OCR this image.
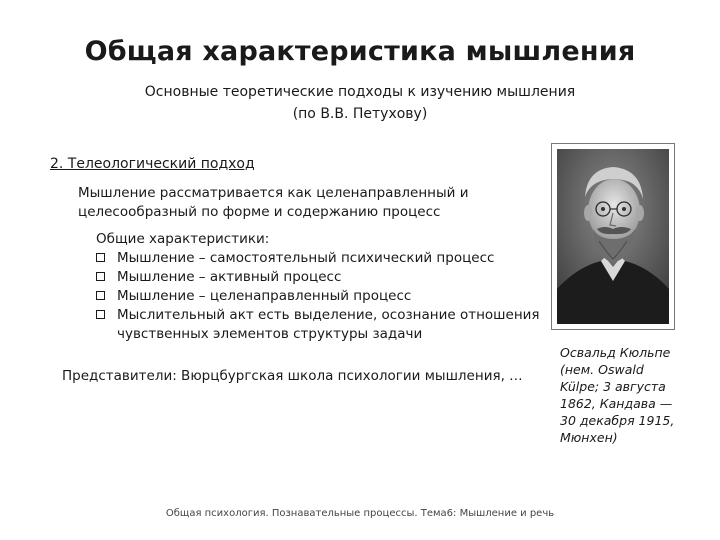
Общая характеристика мышления
Основные теоретические подходы к изучению мышления
(по В.В. Петухову)
2. Телеологический подход
Мышление рассматривается как целенаправленный и
целесообразный по форме и содержанию процесс
Общие характеристики:
Мышление – самостоятельный психический процесс
Мышление – активный процесс
Мышление – целенаправленный процесс
Мыслительный акт есть выделение, осознание отношения
чувственных элементов структуры задачи
Представители: Вюрцбургская школа психологии мышления, …
Освальд Кюльпе
(нем. Oswald
Külpe; 3 августа
1862, Кандава —
30 декабря 1915,
Мюнхен)
Общая психология. Познавательные процессы. Тема6: Мышление и речь
